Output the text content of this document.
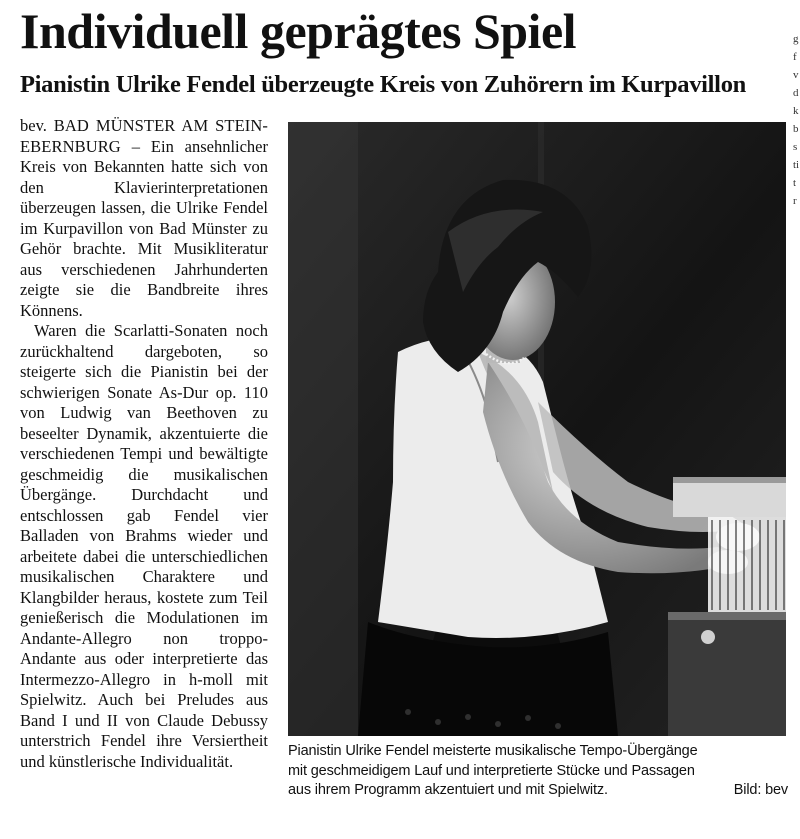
Individuell geprägtes Spiel
Pianistin Ulrike Fendel überzeugte Kreis von Zuhörern im Kurpavillon

bev. BAD MÜNSTER AM STEIN-EBERNBURG – Ein ansehnlicher Kreis von Bekannten hatte sich von den Klavierinterpretationen überzeugen lassen, die Ulrike Fendel im Kurpavillon von Bad Münster zu Gehör brachte. Mit Musikliteratur aus verschiedenen Jahrhunderten zeigte sie die Bandbreite ihres Könnens.

Waren die Scarlatti-Sonaten noch zurückhaltend dargeboten, so steigerte sich die Pianistin bei der schwierigen Sonate As-Dur op. 110 von Ludwig van Beethoven zu beseelter Dynamik, akzentuierte die verschiedenen Tempi und bewältigte geschmeidig die musikalischen Übergänge. Durchdacht und entschlossen gab Fendel vier Balladen von Brahms wieder und arbeitete dabei die unterschiedlichen musikalischen Charaktere und Klangbilder heraus, kostete zum Teil genießerisch die Modulationen im Andante-Allegro non troppo-Andante aus oder interpretierte das Intermezzo-Allegro in h-moll mit Spielwitz. Auch bei Preludes aus Band I und II von Claude Debussy unterstrich Fendel ihre Versiertheit und künstlerische Individualität.

Pianistin Ulrike Fendel meisterte musikalische Tempo-Übergänge
mit geschmeidigem Lauf und interpretierte Stücke und Passagen
aus ihrem Programm akzentuiert und mit Spielwitz.	Bild: bev
g
f
v
d
k
b
s
ti
t
r
